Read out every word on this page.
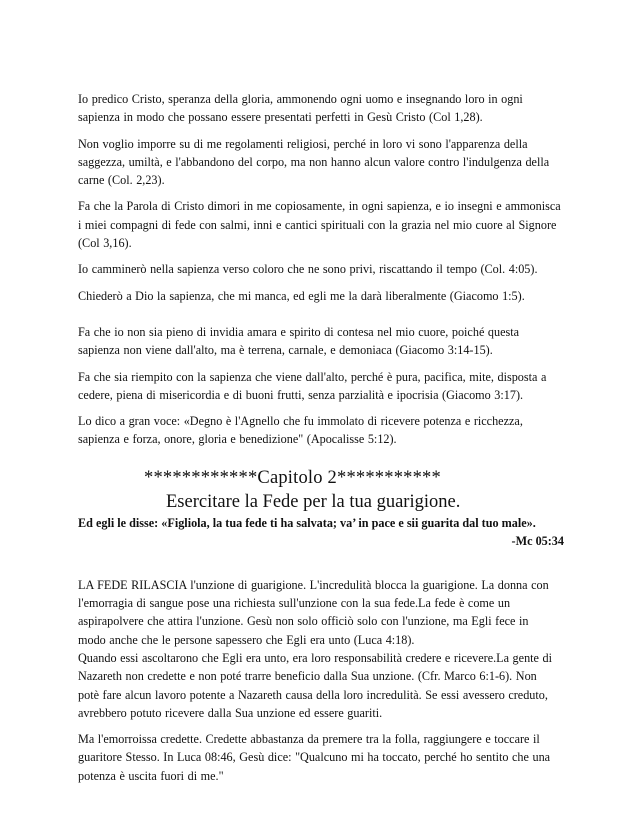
Io predico Cristo, speranza della gloria, ammonendo ogni uomo e insegnando loro in ogni
sapienza in modo che possano essere presentati perfetti in Gesù Cristo (Col 1,28).

Non voglio imporre su di me regolamenti religiosi, perché in loro vi sono l'apparenza della
saggezza, umiltà, e l'abbandono del corpo, ma non hanno alcun valore contro l'indulgenza della
carne (Col. 2,23).

Fa che la Parola di Cristo dimori in me copiosamente, in ogni sapienza, e io insegni e ammonisca
i miei compagni di fede con salmi, inni e cantici spirituali con la grazia nel mio cuore al Signore
(Col 3,16).

Io camminerò nella sapienza verso coloro che ne sono privi, riscattando il tempo (Col. 4:05).

Chiederò a Dio la sapienza, che mi manca, ed egli me la darà liberalmente (Giacomo 1:5).

Fa che io non sia pieno di invidia amara e spirito di contesa nel mio cuore, poiché questa
sapienza non viene dall'alto, ma è terrena, carnale, e demoniaca (Giacomo 3:14-15).

Fa che sia riempito con la sapienza che viene dall'alto, perché è pura, pacifica, mite, disposta a
cedere, piena di misericordia e di buoni frutti, senza parzialità e ipocrisia (Giacomo 3:17).

Lo dico a gran voce: «Degno è l'Agnello che fu immolato di ricevere potenza e ricchezza,
sapienza e forza, onore, gloria e benedizione" (Apocalisse 5:12).

************Capitolo 2***********

Esercitare la Fede per la tua guarigione.

Ed egli le disse: «Figliola, la tua fede ti ha salvata; va’ in pace e sii guarita dal tuo male».

-Mc 05:34

LA FEDE RILASCIA l'unzione di guarigione. L'incredulità blocca la guarigione. La donna con
l'emorragia di sangue pose una richiesta sull'unzione con la sua fede.La fede è come un
aspirapolvere che attira l'unzione. Gesù non solo officiò solo con l'unzione, ma Egli fece in
modo anche che le persone sapessero che Egli era unto (Luca 4:18).
Quando essi ascoltarono che Egli era unto, era loro responsabilità credere e ricevere.La gente di
Nazareth non credette e non poté trarre beneficio dalla Sua unzione. (Cfr. Marco 6:1-6). Non
potè fare alcun lavoro potente a Nazareth causa della loro incredulità. Se essi avessero creduto,
avrebbero potuto ricevere dalla Sua unzione ed essere guariti.

Ma l'emorroissa credette. Credette abbastanza da premere tra la folla, raggiungere e toccare il
guaritore Stesso. In Luca 08:46, Gesù dice: "Qualcuno mi ha toccato, perché ho sentito che una
potenza è uscita fuori di me."
